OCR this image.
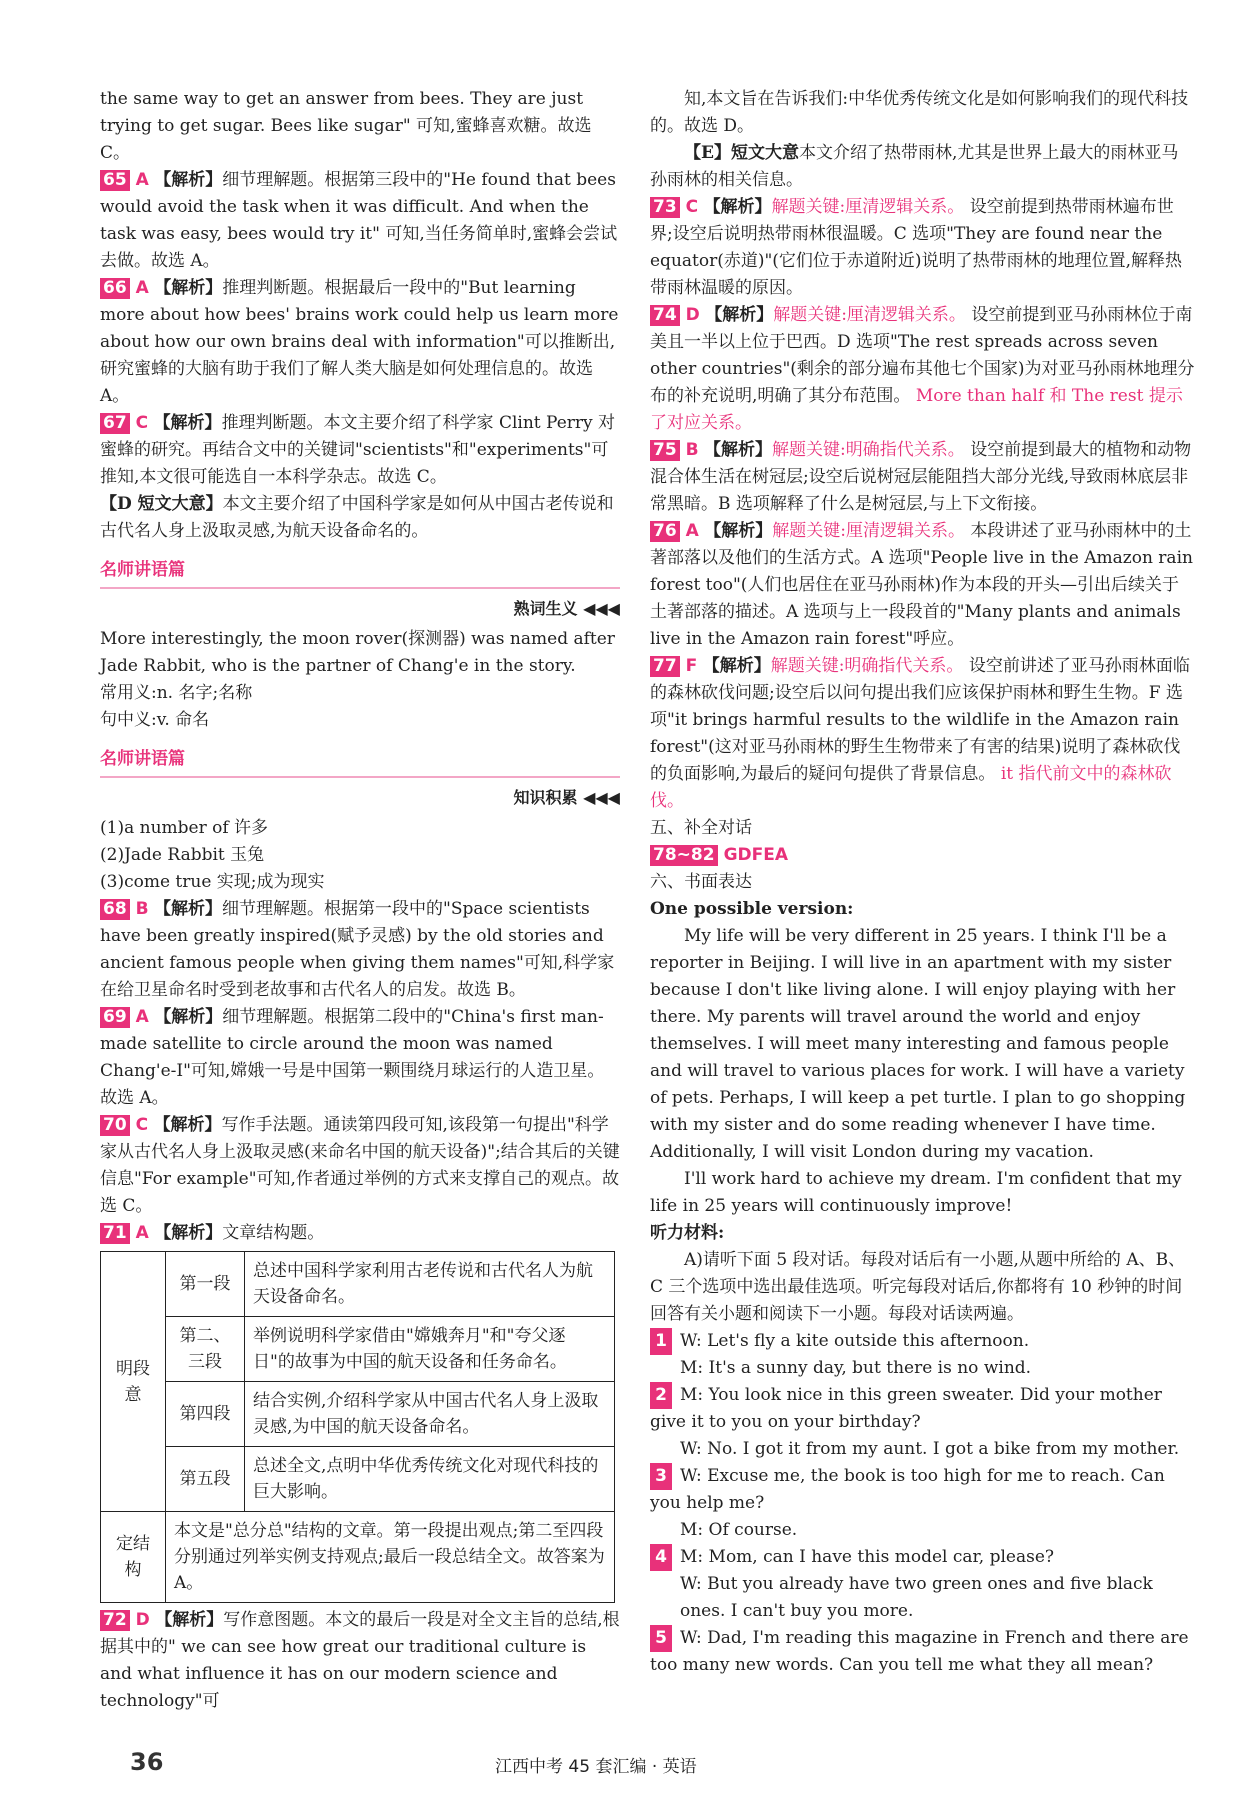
the same way to get an answer from bees. They are just trying to get sugar. Bees like sugar" 可知,蜜蜂喜欢糖。故选 C。

65 A 【解析】细节理解题。根据第三段中的"He found that bees would avoid the task when it was difficult. And when the task was easy, bees would try it" 可知,当任务简单时,蜜蜂会尝试去做。故选 A。

66 A 【解析】推理判断题。根据最后一段中的"But learning more about how bees' brains work could help us learn more about how our own brains deal with information"可以推断出,研究蜜蜂的大脑有助于我们了解人类大脑是如何处理信息的。故选 A。

67 C 【解析】推理判断题。本文主要介绍了科学家 Clint Perry 对蜜蜂的研究。再结合文中的关键词"scientists"和"experiments"可推知,本文很可能选自一本科学杂志。故选 C。

【D 短文大意】本文主要介绍了中国科学家是如何从中国古老传说和古代名人身上汲取灵感,为航天设备命名的。

名师讲语篇
熟词生义 ◀◀◀

More interestingly, the moon rover(探测器) was named after Jade Rabbit, who is the partner of Chang'e in the story.

常用义:n. 名字;名称

句中义:v. 命名

名师讲语篇
知识积累 ◀◀◀

(1)a number of 许多

(2)Jade Rabbit 玉兔

(3)come true 实现;成为现实

68 B 【解析】细节理解题。根据第一段中的"Space scientists have been greatly inspired(赋予灵感) by the old stories and ancient famous people when giving them names"可知,科学家在给卫星命名时受到老故事和古代名人的启发。故选 B。

69 A 【解析】细节理解题。根据第二段中的"China's first man-made satellite to circle around the moon was named Chang'e-Ⅰ"可知,嫦娥一号是中国第一颗围绕月球运行的人造卫星。故选 A。

70 C 【解析】写作手法题。通读第四段可知,该段第一句提出"科学家从古代名人身上汲取灵感(来命名中国的航天设备)";结合其后的关键信息"For example"可知,作者通过举例的方式来支撑自己的观点。故选 C。

71 A 【解析】文章结构题。

明段意	第一段	总述中国科学家利用古老传说和古代名人为航天设备命名。
	第二、三段	举例说明科学家借由"嫦娥奔月"和"夸父逐日"的故事为中国的航天设备和任务命名。
	第四段	结合实例,介绍科学家从中国古代名人身上汲取灵感,为中国的航天设备命名。
	第五段	总述全文,点明中华优秀传统文化对现代科技的巨大影响。
定结构	本文是"总分总"结构的文章。第一段提出观点;第二至四段分别通过列举实例支持观点;最后一段总结全文。故答案为 A。	

72 D 【解析】写作意图题。本文的最后一段是对全文主旨的总结,根据其中的" we can see how great our traditional culture is and what influence it has on our modern science and technology"可

知,本文旨在告诉我们:中华优秀传统文化是如何影响我们的现代科技的。故选 D。

【E】短文大意本文介绍了热带雨林,尤其是世界上最大的雨林亚马孙雨林的相关信息。

73 C 【解析】解题关键:厘清逻辑关系。 设空前提到热带雨林遍布世界;设空后说明热带雨林很温暖。C 选项"They are found near the equator(赤道)"(它们位于赤道附近)说明了热带雨林的地理位置,解释热带雨林温暖的原因。

74 D 【解析】解题关键:厘清逻辑关系。 设空前提到亚马孙雨林位于南美且一半以上位于巴西。D 选项"The rest spreads across seven other countries"(剩余的部分遍布其他七个国家)为对亚马孙雨林地理分布的补充说明,明确了其分布范围。 More than half 和 The rest 提示了对应关系。

75 B 【解析】解题关键:明确指代关系。 设空前提到最大的植物和动物混合体生活在树冠层;设空后说树冠层能阻挡大部分光线,导致雨林底层非常黑暗。B 选项解释了什么是树冠层,与上下文衔接。

76 A 【解析】解题关键:厘清逻辑关系。 本段讲述了亚马孙雨林中的土著部落以及他们的生活方式。A 选项"People live in the Amazon rain forest too"(人们也居住在亚马孙雨林)作为本段的开头—引出后续关于土著部落的描述。A 选项与上一段段首的"Many plants and animals live in the Amazon rain forest"呼应。

77 F 【解析】解题关键:明确指代关系。 设空前讲述了亚马孙雨林面临的森林砍伐问题;设空后以问句提出我们应该保护雨林和野生生物。F 选项"it brings harmful results to the wildlife in the Amazon rain forest"(这对亚马孙雨林的野生生物带来了有害的结果)说明了森林砍伐的负面影响,为最后的疑问句提供了背景信息。 it 指代前文中的森林砍伐。

五、补全对话

78~82 GDFEA

六、书面表达

One possible version:

My life will be very different in 25 years. I think I'll be a reporter in Beijing. I will live in an apartment with my sister because I don't like living alone. I will enjoy playing with her there. My parents will travel around the world and enjoy themselves. I will meet many interesting and famous people and will travel to various places for work. I will have a variety of pets. Perhaps, I will keep a pet turtle. I plan to go shopping with my sister and do some reading whenever I have time. Additionally, I will visit London during my vacation.

I'll work hard to achieve my dream. I'm confident that my life in 25 years will continuously improve!

听力材料:

A)请听下面 5 段对话。每段对话后有一小题,从题中所给的 A、B、C 三个选项中选出最佳选项。听完每段对话后,你都将有 10 秒钟的时间回答有关小题和阅读下一小题。每段对话读两遍。

1 W: Let's fly a kite outside this afternoon.

M: It's a sunny day, but there is no wind.

2 M: You look nice in this green sweater. Did your mother give it to you on your birthday?

W: No. I got it from my aunt. I got a bike from my mother.

3 W: Excuse me, the book is too high for me to reach. Can you help me?

M: Of course.

4 M: Mom, can I have this model car, please?

W: But you already have two green ones and five black ones. I can't buy you more.

5 W: Dad, I'm reading this magazine in French and there are too many new words. Can you tell me what they all mean?
36	江西中考 45 套汇编 · 英语
